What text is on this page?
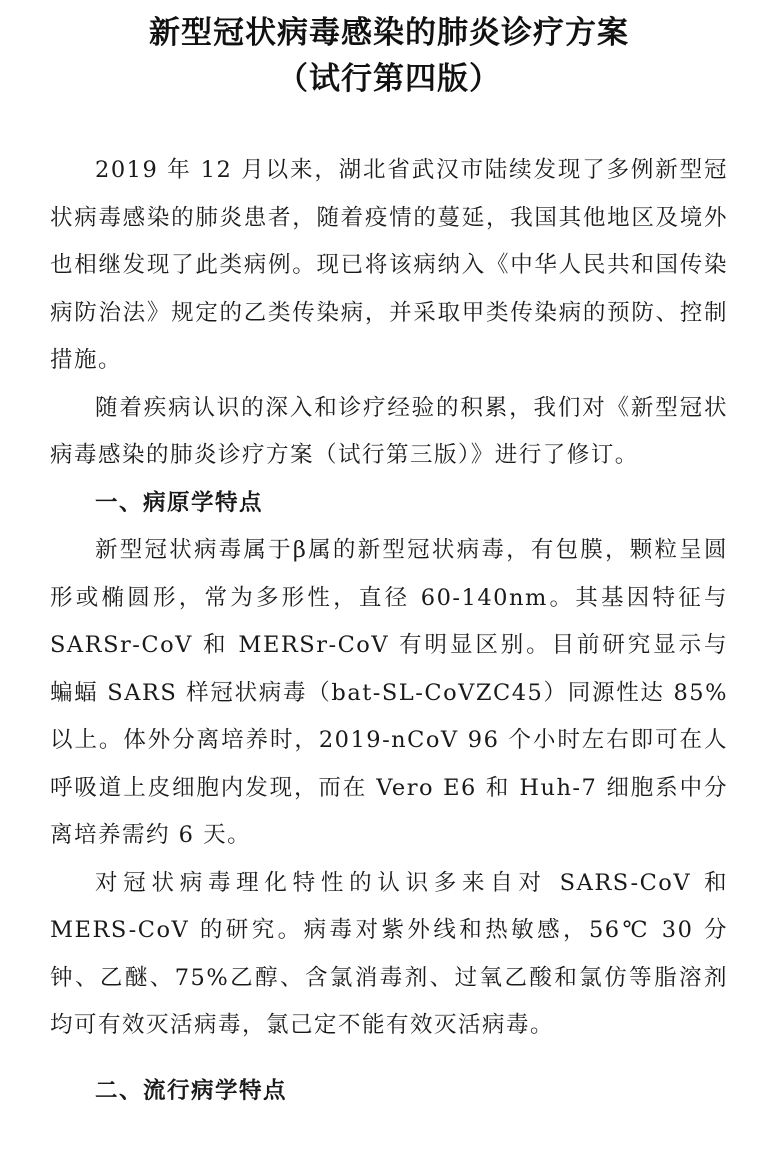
新型冠状病毒感染的肺炎诊疗方案
（试行第四版）

2019 年 12 月以来，湖北省武汉市陆续发现了多例新型冠状病毒感染的肺炎患者，随着疫情的蔓延，我国其他地区及境外也相继发现了此类病例。现已将该病纳入《中华人民共和国传染病防治法》规定的乙类传染病，并采取甲类传染病的预防、控制措施。

随着疾病认识的深入和诊疗经验的积累，我们对《新型冠状病毒感染的肺炎诊疗方案（试行第三版）》进行了修订。

一、病原学特点

新型冠状病毒属于β属的新型冠状病毒，有包膜，颗粒呈圆形或椭圆形，常为多形性，直径 60-140nm。其基因特征与 SARSr-CoV 和 MERSr-CoV 有明显区别。目前研究显示与蝙蝠 SARS 样冠状病毒（bat-SL-CoVZC45）同源性达 85%以上。体外分离培养时，2019-nCoV 96 个小时左右即可在人呼吸道上皮细胞内发现，而在 Vero E6 和 Huh-7 细胞系中分离培养需约 6 天。

对冠状病毒理化特性的认识多来自对 SARS-CoV 和MERS-CoV 的研究。病毒对紫外线和热敏感，56℃ 30 分钟、乙醚、75%乙醇、含氯消毒剂、过氧乙酸和氯仿等脂溶剂均可有效灭活病毒，氯己定不能有效灭活病毒。

二、流行病学特点
